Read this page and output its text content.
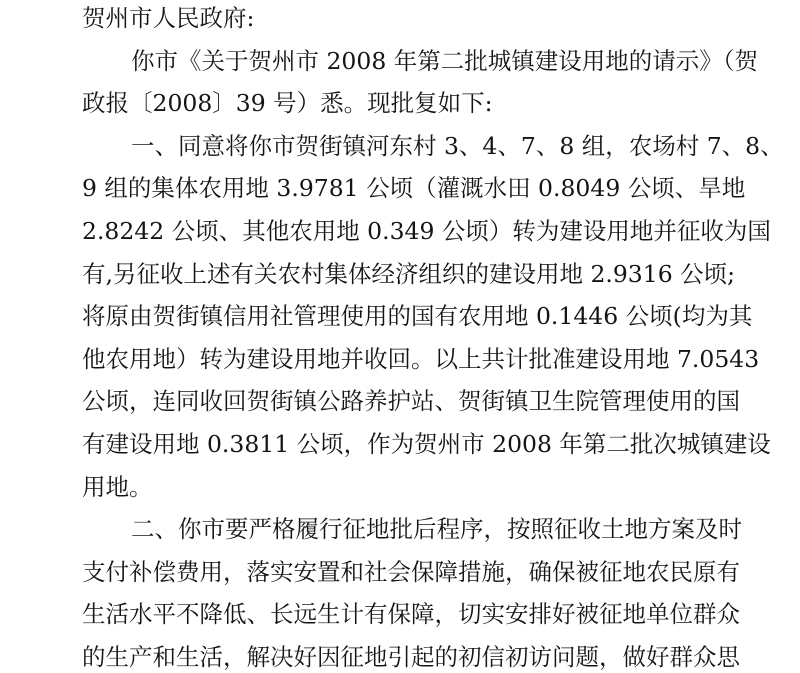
贺州市人民政府:
你市《关于贺州市 2008 年第二批城镇建设用地的请示》（贺
政报〔2008〕39 号）悉。现批复如下:
一、同意将你市贺街镇河东村 3、4、7、8 组，农场村 7、8、
9 组的集体农用地 3.9781 公顷（灌溉水田 0.8049 公顷、旱地
2.8242 公顷、其他农用地 0.349 公顷）转为建设用地并征收为国
有,另征收上述有关农村集体经济组织的建设用地 2.9316 公顷;
将原由贺街镇信用社管理使用的国有农用地 0.1446 公顷(均为其
他农用地）转为建设用地并收回。以上共计批准建设用地 7.0543
公顷，连同收回贺街镇公路养护站、贺街镇卫生院管理使用的国
有建设用地 0.3811 公顷，作为贺州市 2008 年第二批次城镇建设
用地。
二、你市要严格履行征地批后程序，按照征收土地方案及时
支付补偿费用，落实安置和社会保障措施，确保被征地农民原有
生活水平不降低、长远生计有保障，切实安排好被征地单位群众
的生产和生活，解决好因征地引起的初信初访问题，做好群众思
